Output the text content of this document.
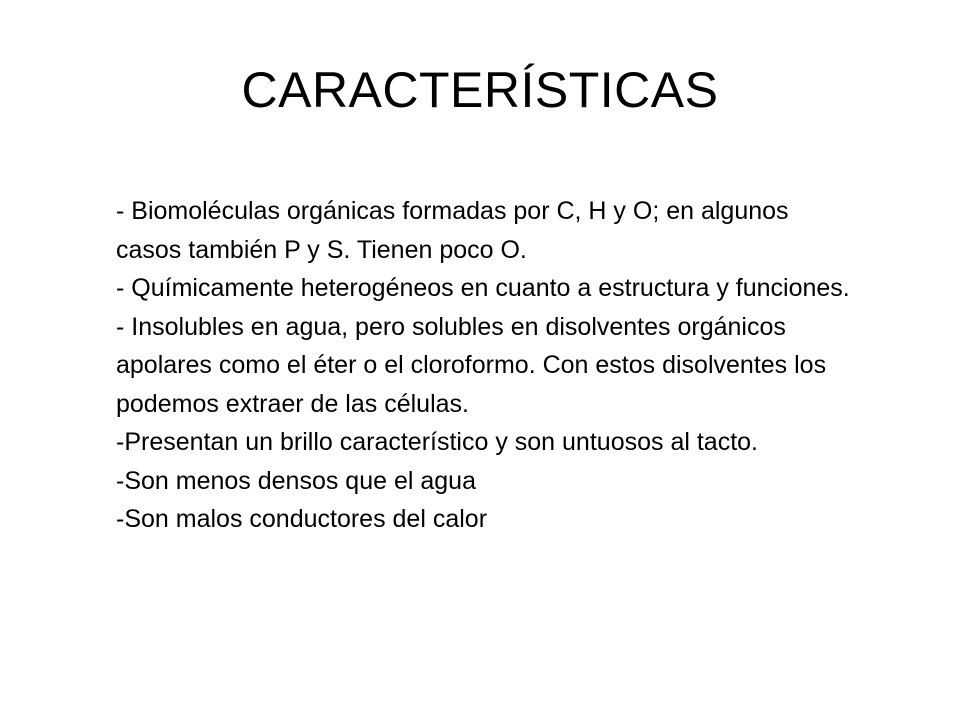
CARACTERÍSTICAS
- Biomoléculas orgánicas formadas por C, H y O; en algunos casos también P y S. Tienen poco O.
- Químicamente heterogéneos en cuanto a estructura y funciones.
- Insolubles en agua, pero solubles en disolventes orgánicos apolares como el éter o el cloroformo. Con estos disolventes los podemos extraer de las células.
-Presentan un brillo característico y son untuosos al tacto.
-Son menos densos que el agua
-Son malos conductores del calor
